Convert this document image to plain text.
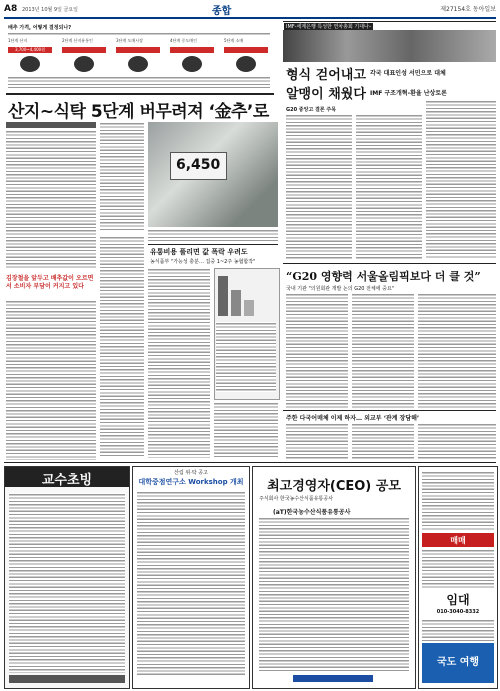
A8 2013년 10월 9일 금요일	종합	제27154호 동아일보
배추 가격, 어떻게 결정되나?
1단계 산지
3,700~4,400원
2단계 산지유통인	3단계 도매시장	4단계 중도매인	5단계 소매
산지~식탁 5단계 버무려져 ‘金추’로
김장철을 앞두고 배추값이 오르면서 소비자 부담이 커지고 있다
6,450
유통비용 풀리면 값 폭락 우려도
농식품부 "가능성 충분… 집중 1~2주 농협합작"
IMF-세계은행 특성한 연차총회 기대나–
형식 걷어내고 각국 대표인성 서민으로 대체
알맹이 채웠다 IMF 구조개혁-환율 난상토론
G20 중앙고 결론 주목
“G20 영향력 서울올림픽보다 더 클 것”
국내 기관 "의원회관 개발 논의 G20 전체에 중요"
주한 다국어매체 이제 하자… 외교부 ‘관계 장담해’
교수초빙	산림 위·탁 공고
대학중점연구소 Workshop 개최	최고경영자(CEO) 공모
주식회사 한국농수산식품유통공사
(aT)한국농수산식품유통공사
매매
임대
010-3040-8332
국도 여행
